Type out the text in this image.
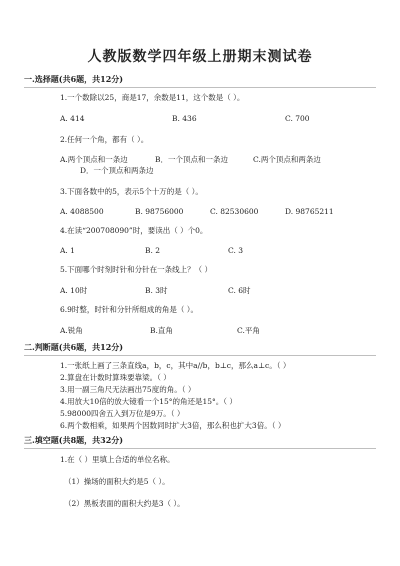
人教版数学四年级上册期末测试卷
一.选择题(共6题，共12分)
1.一个数除以25，商是17，余数是11，这个数是（ ）。
A. 414	B. 436	C. 700
2.任何一个角，都有（ ）。
A.两个顶点和一条边	B．一个顶点和一条边	C.两个顶点和两条边
D．一个顶点和两条边
3.下面各数中的5，表示5个十万的是（ ）。
A. 4088500	B. 98756000	C. 82530600	D. 98765211
4.在读“200708090”时，要读出（ ）个0。
A. 1	B. 2	C. 3
5.下面哪个时刻时针和分针在一条线上？（ ）
A. 10时	B. 3时	C. 6时
6.9时整，时针和分针所组成的角是（ ）。
A.锐角	B.直角	C.平角
二.判断题(共6题，共12分)
1.一张纸上画了三条直线a，b，c，其中a//b，b⊥c，那么a⊥c。（ ）
2.算盘在计数时算珠要靠梁。（ ）
3.用一副三角尺无法画出75度的角。（ ）
4.用放大10倍的放大镜看一个15°的角还是15°。（ ）
5.98000四舍五入到万位是9万。（ ）
6.两个数相乘，如果两个因数同时扩大3倍，那么积也扩大3倍。（ ）
三.填空题(共8题，共32分)
1.在（ ）里填上合适的单位名称。
（1）操场的面积大约是5（ ）。
（2）黑板表面的面积大约是3（ ）。
